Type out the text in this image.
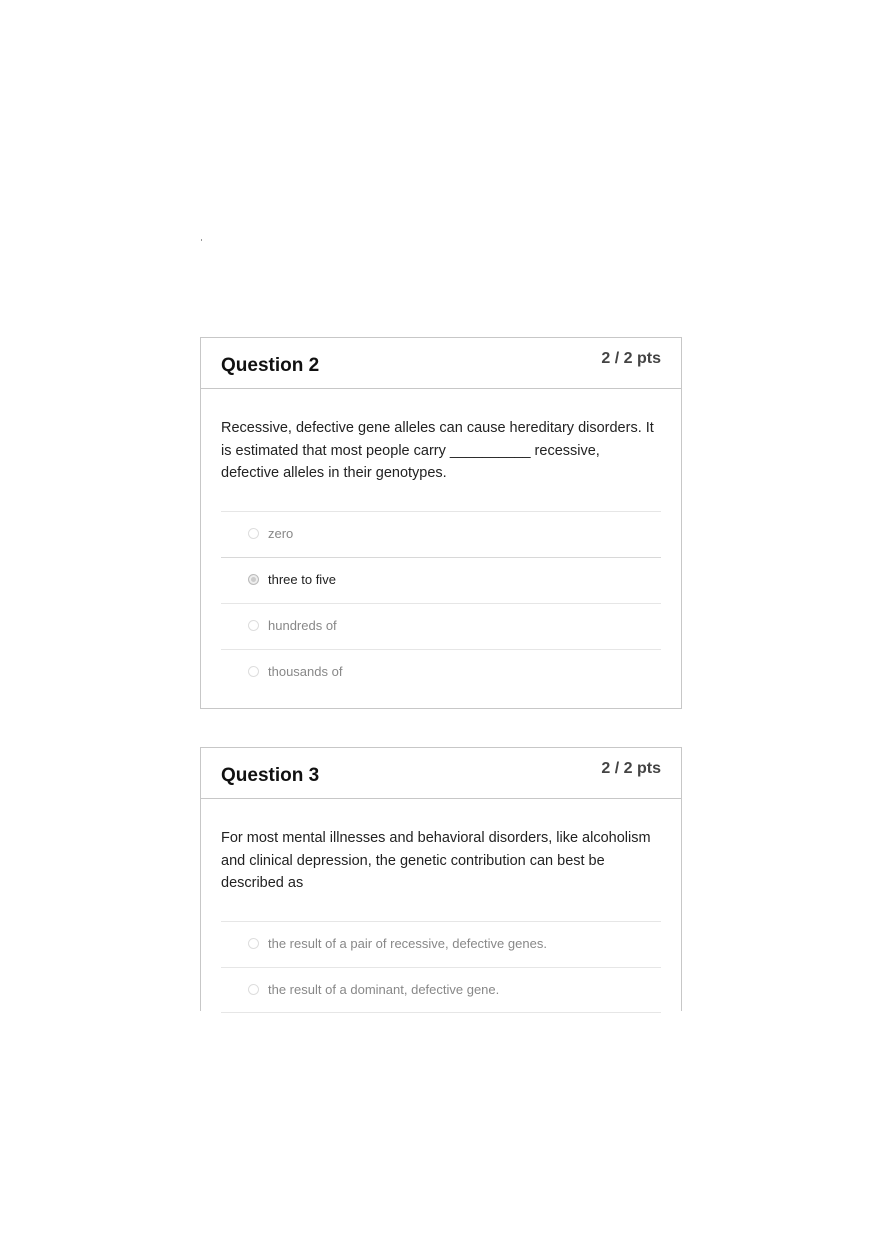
Question 2	2 / 2 pts

Recessive, defective gene alleles can cause hereditary disorders. It is estimated that most people carry __________ recessive, defective alleles in their genotypes.

zero
three to five
hundreds of
thousands of
Question 3	2 / 2 pts

For most mental illnesses and behavioral disorders, like alcoholism and clinical depression, the genetic contribution can best be described as

the result of a pair of recessive, defective genes.
the result of a dominant, defective gene.
